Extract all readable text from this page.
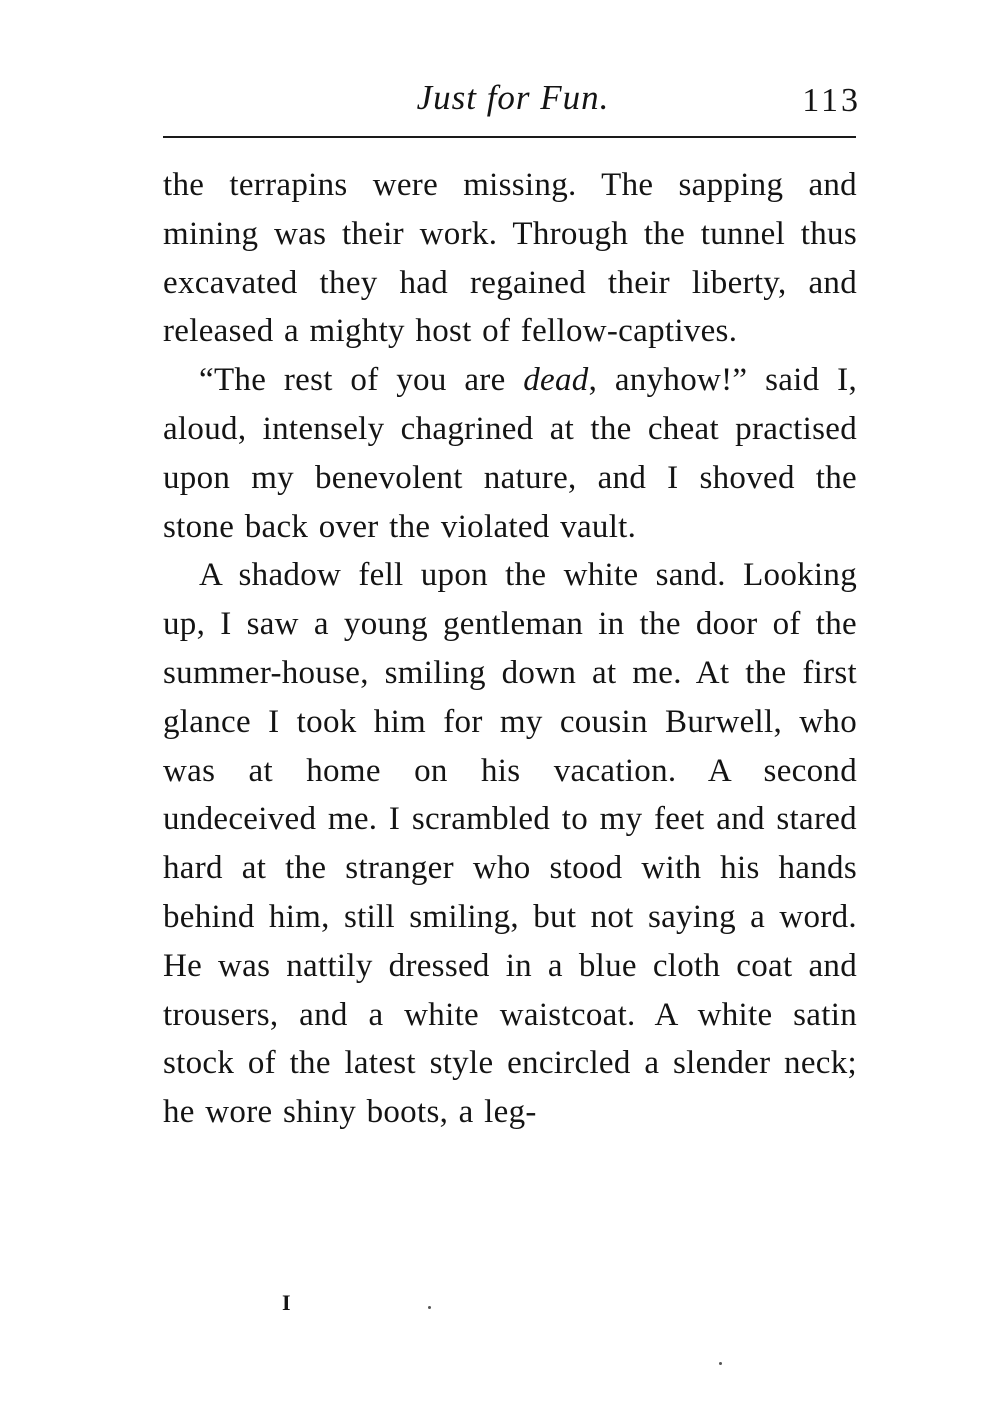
Just for Fun.	113

the terrapins were missing. The sapping and mining was their work. Through the tunnel thus excavated they had regained their liberty, and released a mighty host of fellow-captives.

“The rest of you are dead, anyhow!” said I, aloud, intensely chagrined at the cheat practised upon my benevolent nature, and I shoved the stone back over the violated vault.

A shadow fell upon the white sand. Looking up, I saw a young gentleman in the door of the summer-house, smiling down at me. At the first glance I took him for my cousin Burwell, who was at home on his vacation. A second undeceived me. I scrambled to my feet and stared hard at the stranger who stood with his hands behind him, still smiling, but not saying a word. He was nattily dressed in a blue cloth coat and trousers, and a white waistcoat. A white satin stock of the latest style encircled a slender neck; he wore shiny boots, a leg-

I
